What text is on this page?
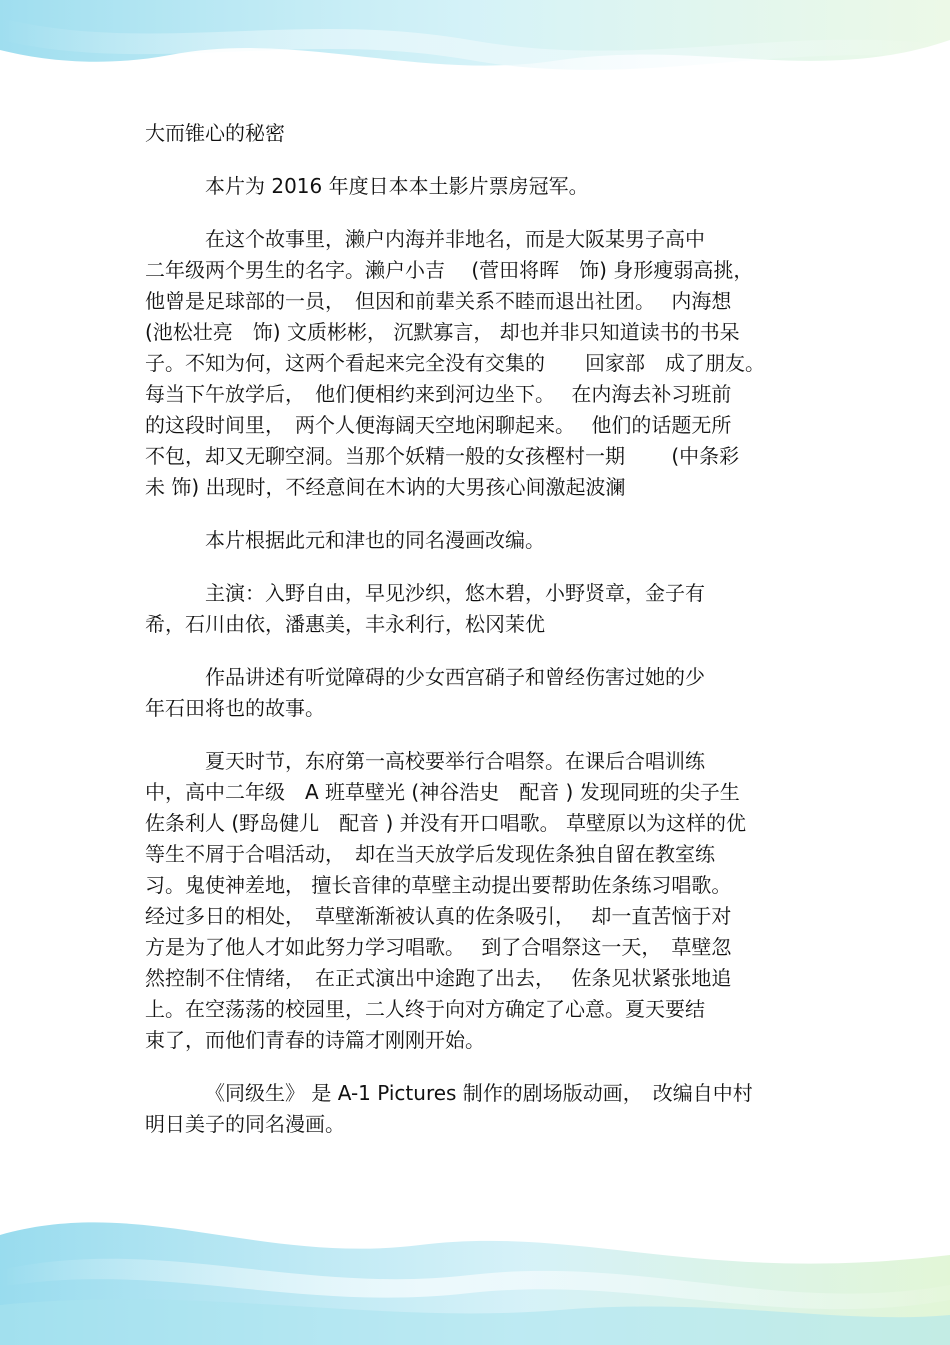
大而锥心的秘密
本片为 2016 年度日本本土影片票房冠军。
在这个故事里，濑户内海并非地名，而是大阪某男子高中
二年级两个男生的名字。濑户小吉　 (菅田将晖　饰) 身形瘦弱高挑，
他曾是足球部的一员，　但因和前辈关系不睦而退出社团。　 内海想
(池松壮亮　饰) 文质彬彬， 沉默寡言， 却也并非只知道读书的书呆
子。不知为何，这两个看起来完全没有交集的　　回家部　成了朋友。
每当下午放学后，　他们便相约来到河边坐下。　 在内海去补习班前
的这段时间里，　两个人便海阔天空地闲聊起来。　 他们的话题无所
不包，却又无聊空洞。当那个妖精一般的女孩樫村一期　　 (中条彩
未 饰) 出现时，不经意间在木讷的大男孩心间激起波澜
本片根据此元和津也的同名漫画改编。
主演：入野自由，早见沙织，悠木碧，小野贤章，金子有
希，石川由依，潘惠美，丰永利行，松冈茉优
作品讲述有听觉障碍的少女西宫硝子和曾经伤害过她的少
年石田将也的故事。
夏天时节，东府第一高校要举行合唱祭。在课后合唱训练
中，高中二年级　A 班草壁光 (神谷浩史　配音 ) 发现同班的尖子生
佐条利人 (野岛健儿　配音 ) 并没有开口唱歌。 草壁原以为这样的优
等生不屑于合唱活动，　却在当天放学后发现佐条独自留在教室练
习。鬼使神差地， 擅长音律的草壁主动提出要帮助佐条练习唱歌。
经过多日的相处，　草壁渐渐被认真的佐条吸引，　 却一直苦恼于对
方是为了他人才如此努力学习唱歌。　 到了合唱祭这一天，　草壁忽
然控制不住情绪，　在正式演出中途跑了出去，　 佐条见状紧张地追
上。在空荡荡的校园里，二人终于向对方确定了心意。夏天要结
束了，而他们青春的诗篇才刚刚开始。
《同级生》 是 A-1 Pictures 制作的剧场版动画，　改编自中村
明日美子的同名漫画。
